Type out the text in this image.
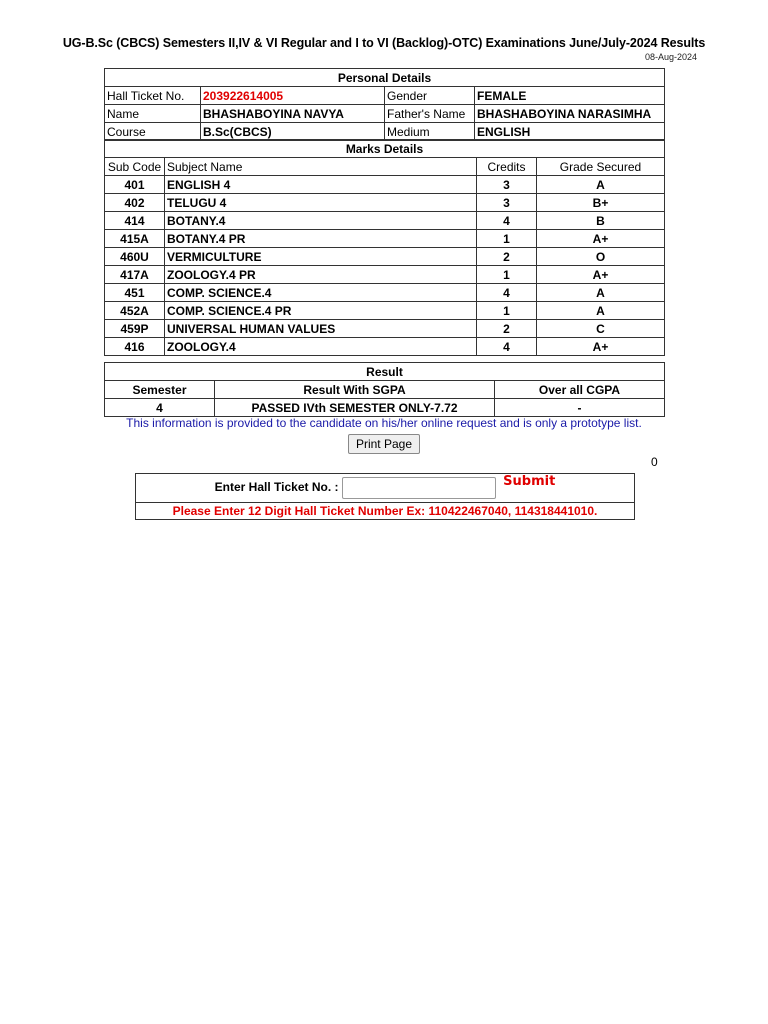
UG-B.Sc (CBCS) Semesters II,IV & VI Regular and I to VI (Backlog)-OTC) Examinations June/July-2024 Results
08-Aug-2024
Personal Details			
Hall Ticket No.	203922614005	Gender	FEMALE
Name	BHASHABOYINA NAVYA	Father's Name	BHASHABOYINA NARASIMHA
Course	B.Sc(CBCS)	Medium	ENGLISH
Marks Details			
Sub Code	Subject Name	Credits	Grade Secured
401	ENGLISH 4	3	A
402	TELUGU 4	3	B+
414	BOTANY.4	4	B
415A	BOTANY.4 PR	1	A+
460U	VERMICULTURE	2	O
417A	ZOOLOGY.4 PR	1	A+
451	COMP. SCIENCE.4	4	A
452A	COMP. SCIENCE.4 PR	1	A
459P	UNIVERSAL HUMAN VALUES	2	C
416	ZOOLOGY.4	4	A+
Result		
Semester	Result With SGPA	Over all CGPA
4	PASSED IVth SEMESTER ONLY-7.72	-
This information is provided to the candidate on his/her online request and is only a prototype list.
Print Page
0
Enter Hall Ticket No. :	Submit
Please Enter 12 Digit Hall Ticket Number Ex: 110422467040, 114318441010.
